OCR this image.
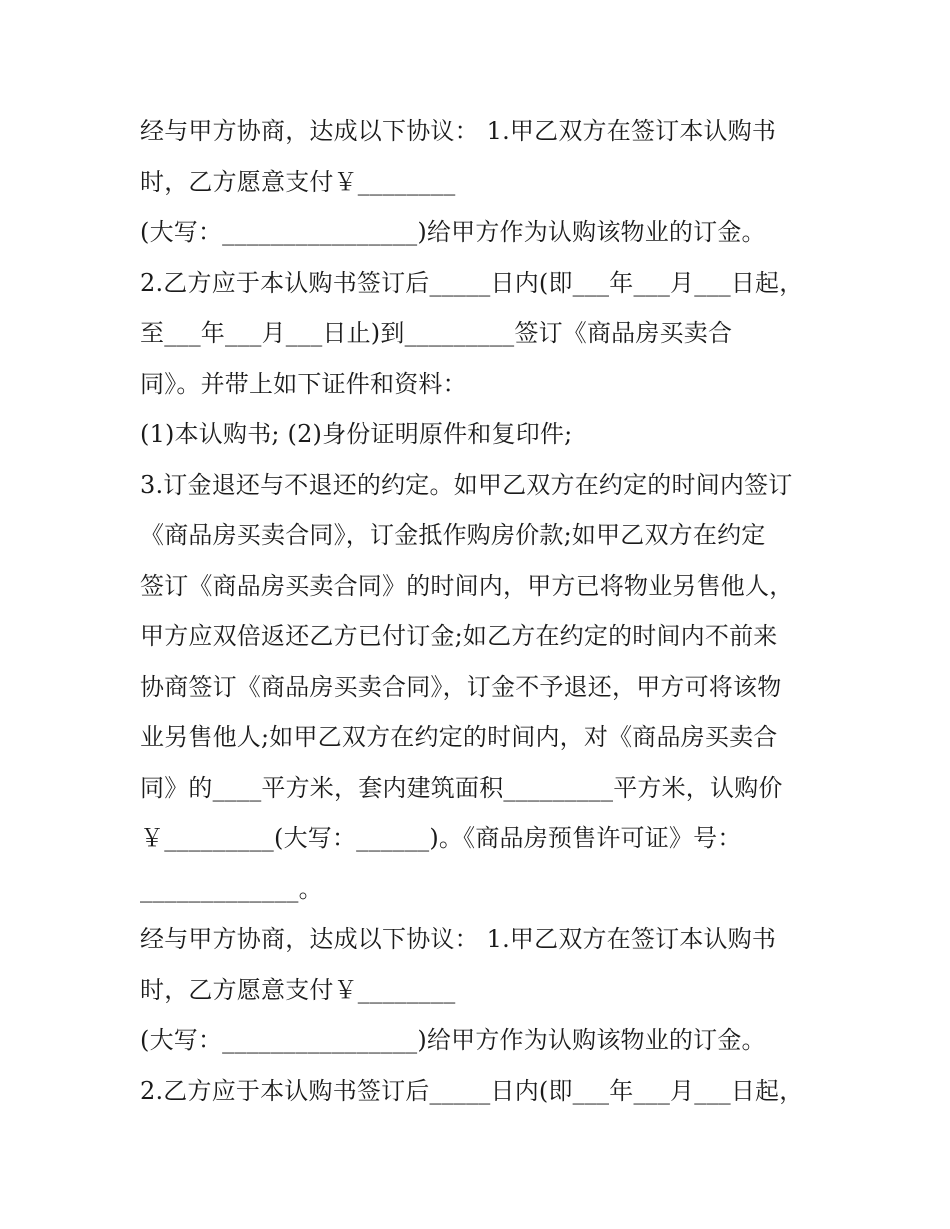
经与甲方协商，达成以下协议： 1.甲乙双方在签订本认购书
时，乙方愿意支付￥________
(大写：________________)给甲方作为认购该物业的订金。
2.乙方应于本认购书签订后_____日内(即___年___月___日起，
至___年___月___日止)到_________签订《商品房买卖合
同》。并带上如下证件和资料：
(1)本认购书; (2)身份证明原件和复印件;
3.订金退还与不退还的约定。如甲乙双方在约定的时间内签订
《商品房买卖合同》，订金抵作购房价款;如甲乙双方在约定
签订《商品房买卖合同》的时间内，甲方已将物业另售他人，
甲方应双倍返还乙方已付订金;如乙方在约定的时间内不前来
协商签订《商品房买卖合同》，订金不予退还，甲方可将该物
业另售他人;如甲乙双方在约定的时间内，对《商品房买卖合
同》的____平方米，套内建筑面积_________平方米，认购价
￥_________(大写：______)。《商品房预售许可证》号：
_____________。
经与甲方协商，达成以下协议： 1.甲乙双方在签订本认购书
时，乙方愿意支付￥________
(大写：________________)给甲方作为认购该物业的订金。
2.乙方应于本认购书签订后_____日内(即___年___月___日起，
